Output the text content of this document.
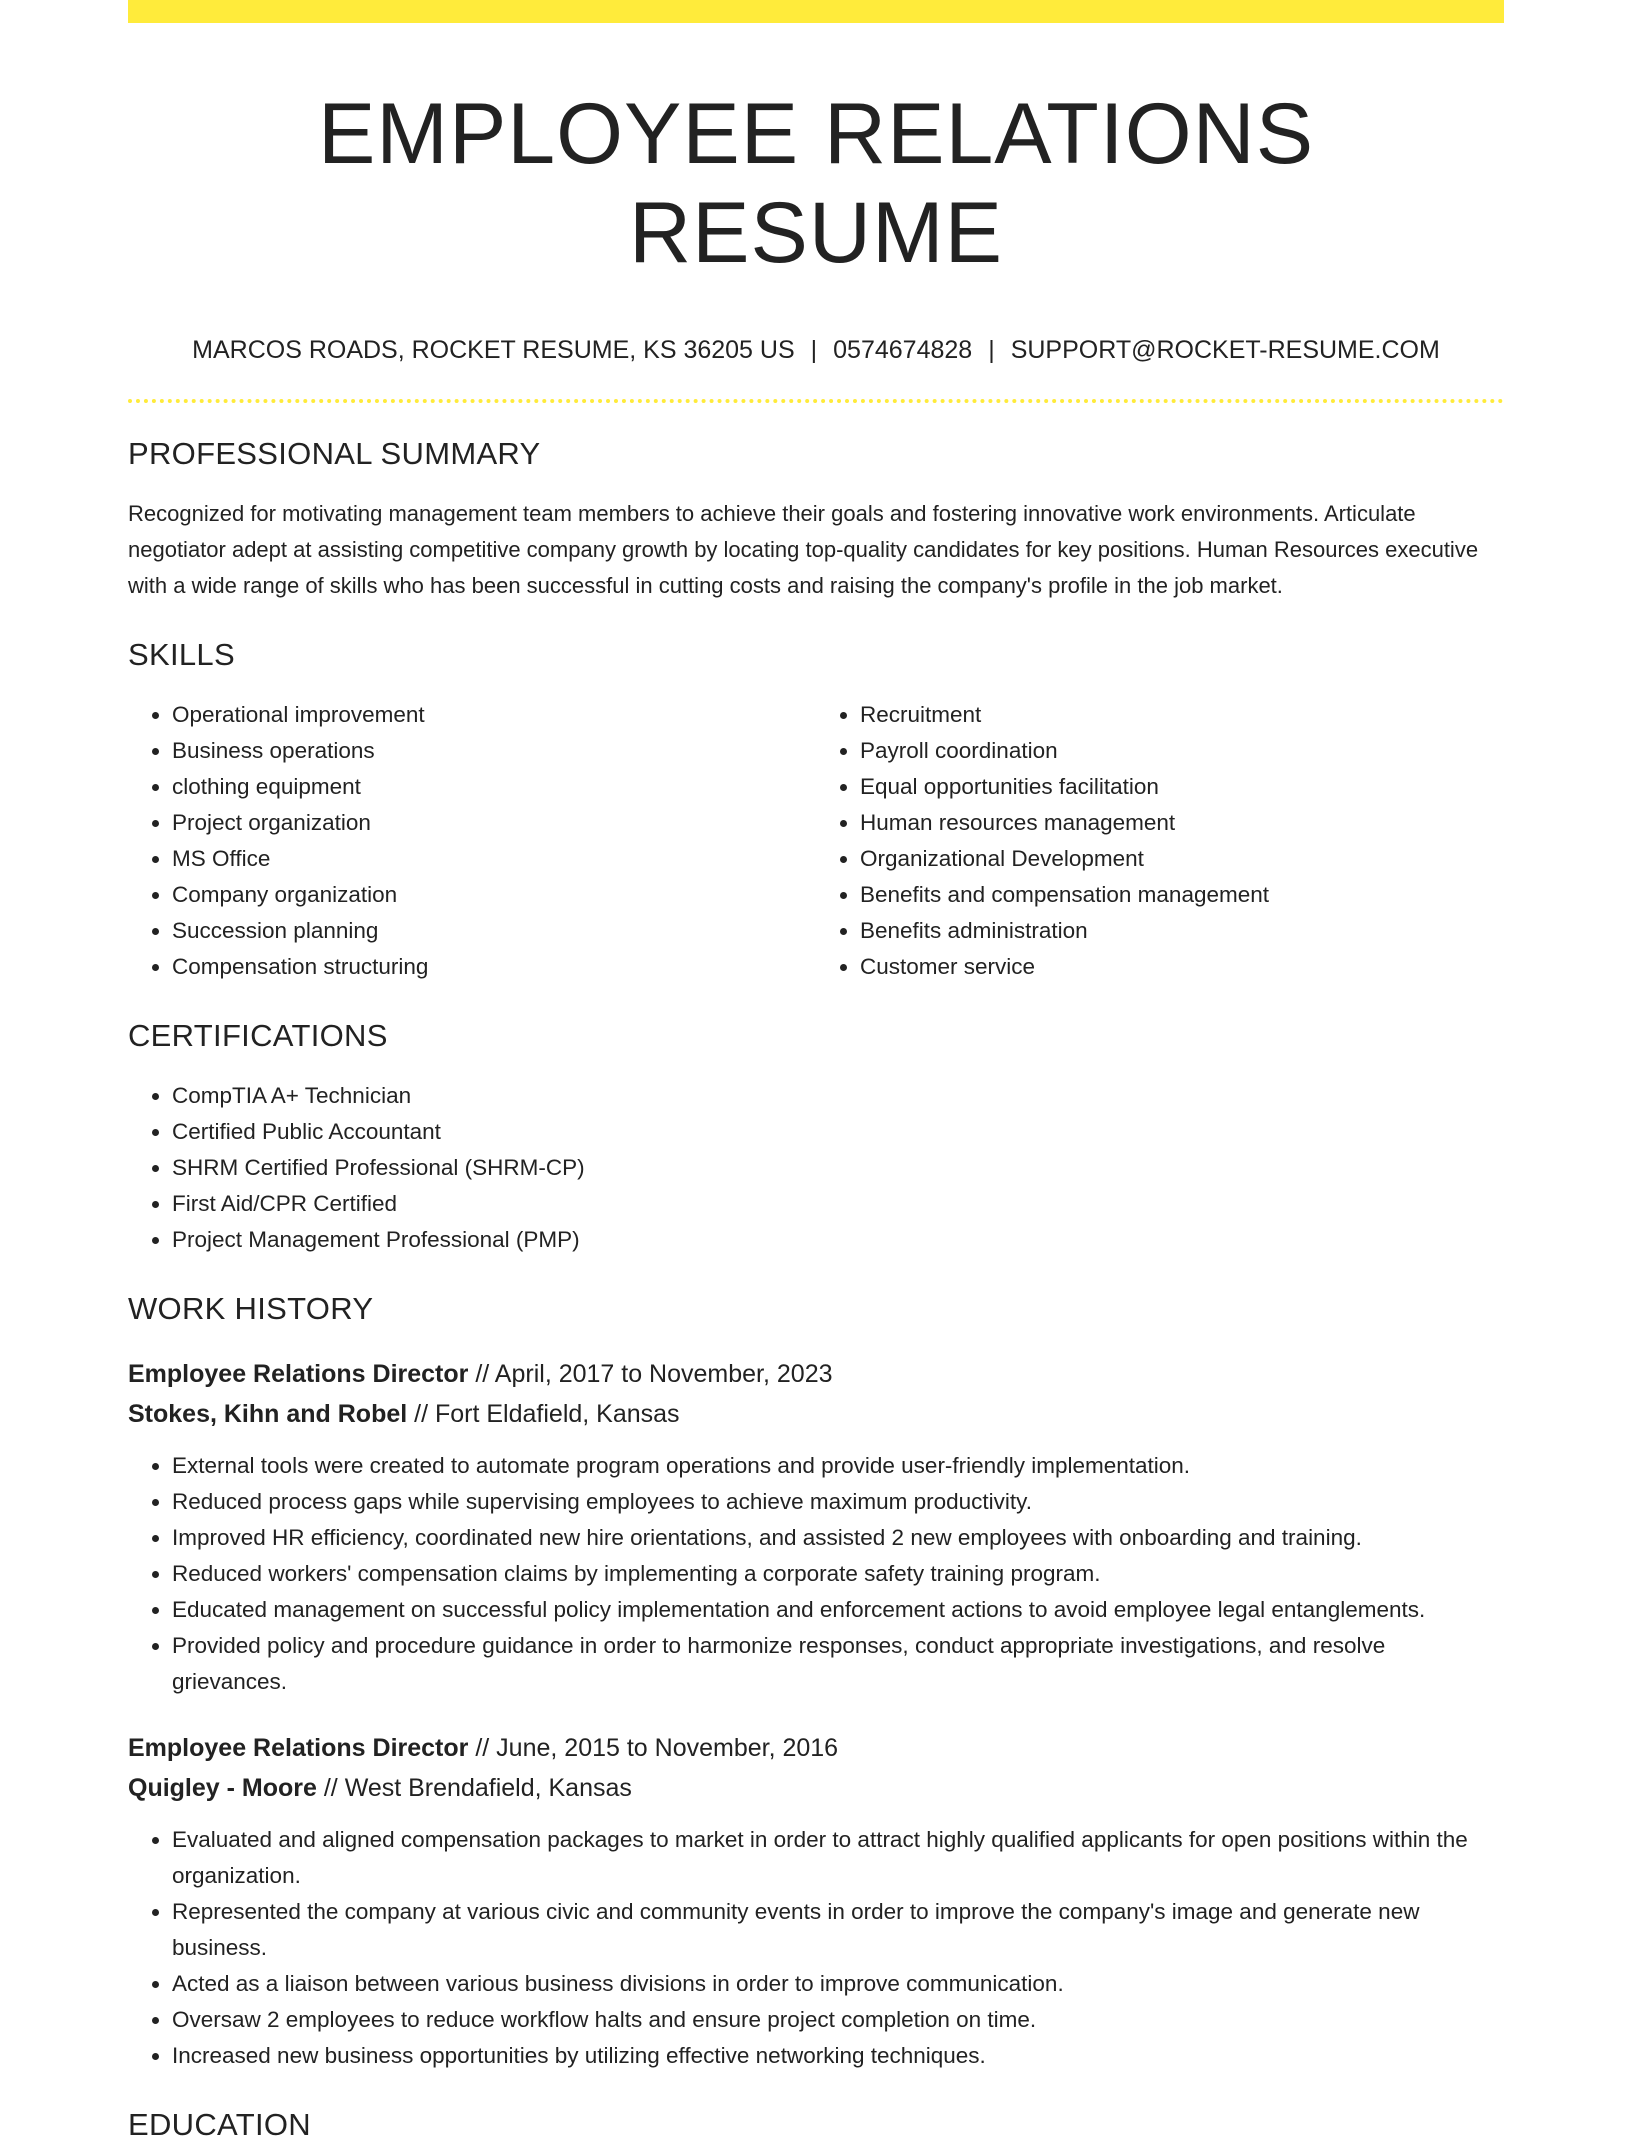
EMPLOYEE RELATIONS RESUME
MARCOS ROADS, ROCKET RESUME, KS 36205 US | 0574674828 | SUPPORT@ROCKET-RESUME.COM
PROFESSIONAL SUMMARY

Recognized for motivating management team members to achieve their goals and fostering innovative work environments. Articulate negotiator adept at assisting competitive company growth by locating top-quality candidates for key positions. Human Resources executive with a wide range of skills who has been successful in cutting costs and raising the company's profile in the job market.

SKILLS
• Operational improvement
• Business operations
• clothing equipment
• Project organization
• MS Office
• Company organization
• Succession planning
• Compensation structuring
• Recruitment
• Payroll coordination
• Equal opportunities facilitation
• Human resources management
• Organizational Development
• Benefits and compensation management
• Benefits administration
• Customer service
CERTIFICATIONS
• CompTIA A+ Technician
• Certified Public Accountant
• SHRM Certified Professional (SHRM-CP)
• First Aid/CPR Certified
• Project Management Professional (PMP)
WORK HISTORY
Employee Relations Director // April, 2017 to November, 2023
Stokes, Kihn and Robel // Fort Eldafield, Kansas
• External tools were created to automate program operations and provide user-friendly implementation.
• Reduced process gaps while supervising employees to achieve maximum productivity.
• Improved HR efficiency, coordinated new hire orientations, and assisted 2 new employees with onboarding and training.
• Reduced workers' compensation claims by implementing a corporate safety training program.
• Educated management on successful policy implementation and enforcement actions to avoid employee legal entanglements.
• Provided policy and procedure guidance in order to harmonize responses, conduct appropriate investigations, and resolve grievances.
Employee Relations Director // June, 2015 to November, 2016
Quigley - Moore // West Brendafield, Kansas
• Evaluated and aligned compensation packages to market in order to attract highly qualified applicants for open positions within the organization.
• Represented the company at various civic and community events in order to improve the company's image and generate new business.
• Acted as a liaison between various business divisions in order to improve communication.
• Oversaw 2 employees to reduce workflow halts and ensure project completion on time.
• Increased new business opportunities by utilizing effective networking techniques.
EDUCATION
